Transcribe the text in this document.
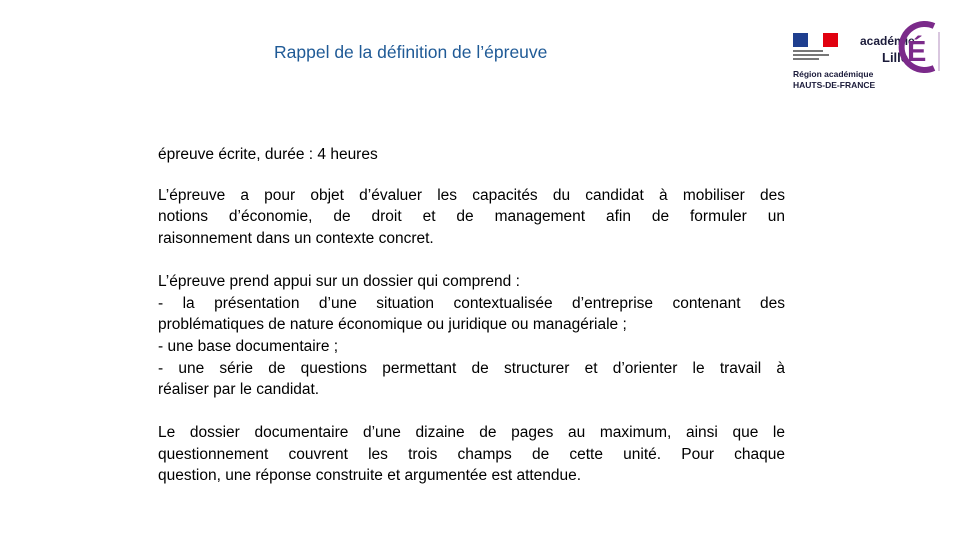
Rappel de la définition de l’épreuve
académie
Lille
É
Région académique
HAUTS-DE-FRANCE

épreuve écrite, durée : 4 heures

L’épreuve a pour objet d’évaluer les capacités du candidat à mobiliser des
notions d’économie, de droit et de management afin de formuler un
raisonnement dans un contexte concret.

L’épreuve prend appui sur un dossier qui comprend :
- la présentation d’une situation contextualisée d’entreprise contenant des
problématiques de nature économique ou juridique ou managériale ;
- une base documentaire ;
- une série de questions permettant de structurer et d’orienter le travail à
réaliser par le candidat.

Le dossier documentaire d’une dizaine de pages au maximum, ainsi que le
questionnement couvrent les trois champs de cette unité. Pour chaque
question, une réponse construite et argumentée est attendue.
